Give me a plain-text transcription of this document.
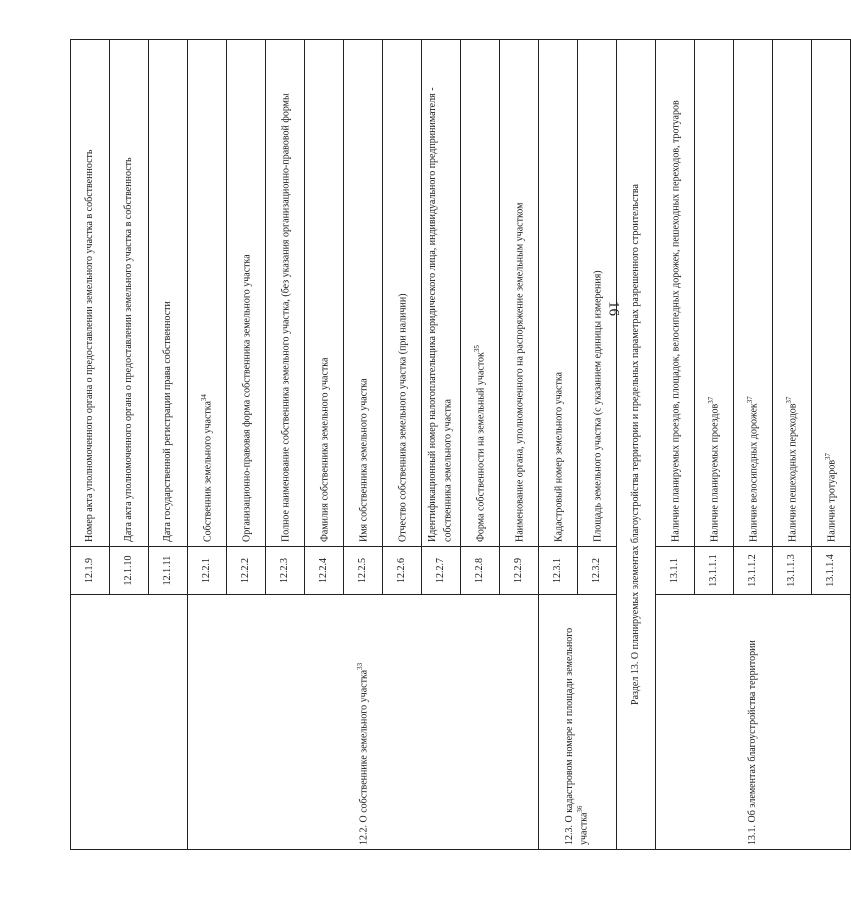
16
	12.1.9	Номер акта уполномоченного органа о предоставлении земельного участка в собственность
	12.1.10	Дата акта уполномоченного органа о предоставлении земельного участка в собственность
	12.1.11	Дата государственной регистрации права собственности
12.2. О собственнике земельного участка$^{33}$	12.2.1	Собственник земельного участка$^{34}$
	12.2.2	Организационно-правовая форма собственника земельного участка
	12.2.3	Полное наименование собственника земельного участка, (без указания организационно-правовой формы
	12.2.4	Фамилия собственника земельного участка
	12.2.5	Имя собственника земельного участка
	12.2.6	Отчество собственника земельного участка (при наличии)
	12.2.7	Идентификационный номер налогоплательщика юридического лица, индивидуального предпринимателя - собственника земельного участка
	12.2.8	Форма собственности на земельный участок$^{35}$
	12.2.9	Наименование органа, уполномоченного на распоряжение земельным участком
12.3. О кадастровом номере и площади земельного участка$^{36}$	12.3.1	Кадастровый номер земельного участка
	12.3.2	Площадь земельного участка (с указанием единицы измерения)
Раздел 13. О планируемых элементах благоустройства территории и предельных параметрах разрешенного строительства		
13.1. Об элементах благоустройства территории	13.1.1	Наличие планируемых проездов, площадок, велосипедных дорожек, пешеходных переходов, тротуаров
	13.1.1.1	Наличие планируемых проездов$^{37}$
	13.1.1.2	Наличие велосипедных дорожек$^{37}$
	13.1.1.3	Наличие пешеходных переходов$^{37}$
	13.1.1.4	Наличие тротуаров$^{37}$
